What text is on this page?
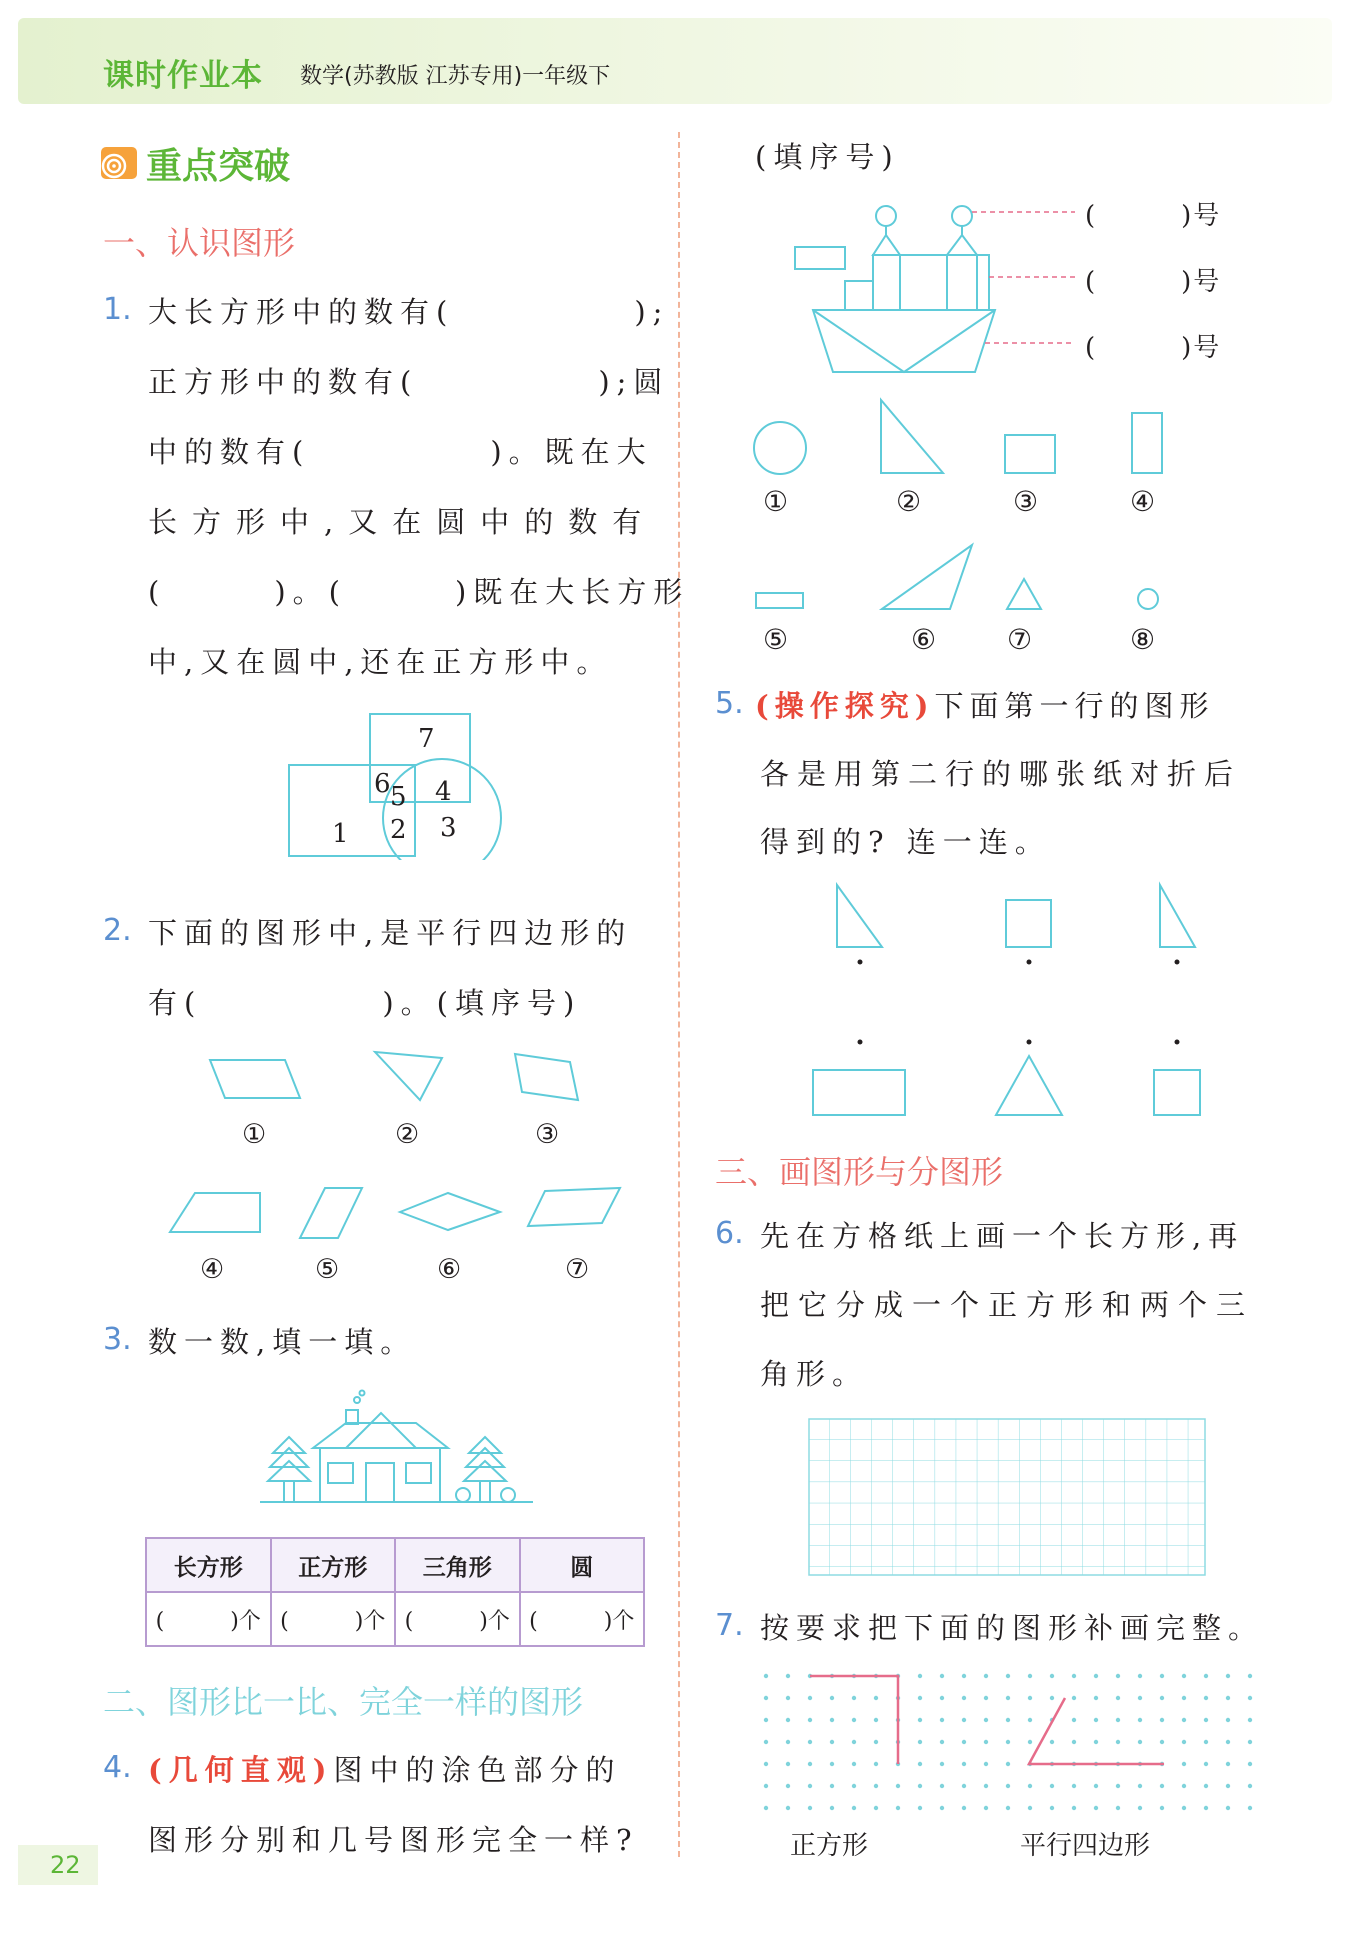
课时作业本 数学(苏教版 江苏专用)一年级下
重点突破
一、认识图形
1. 大长方形中的数有(　　　　　);
正方形中的数有(　　　　　);圆
中的数有(　　　　　)。既在大
长方形中,又在圆中的数有
(　　　)。(　　　)既在大长方形
中,又在圆中,还在正方形中。
7
6 5 4
1 2 3
2. 下面的图形中,是平行四边形的
有(　　　　　)。(填序号)
①	②	③
④	⑤	⑥	⑦
3. 数一数,填一填。
长方形	正方形	三角形	圆
(　　　)个	(　　　)个	(　　　)个	(　　　)个
二、图形比一比、完全一样的图形
4. (几何直观)图中的涂色部分的
图形分别和几号图形完全一样?
22
(填序号)
(　　　)号
(　　　)号
(　　　)号
①	②	③	④
⑤	⑥	⑦	⑧
5. (操作探究)下面第一行的图形
各是用第二行的哪张纸对折后
得到的? 连一连。
三、画图形与分图形
6. 先在方格纸上画一个长方形,再
把它分成一个正方形和两个三
角形。
7. 按要求把下面的图形补画完整。
正方形	平行四边形
